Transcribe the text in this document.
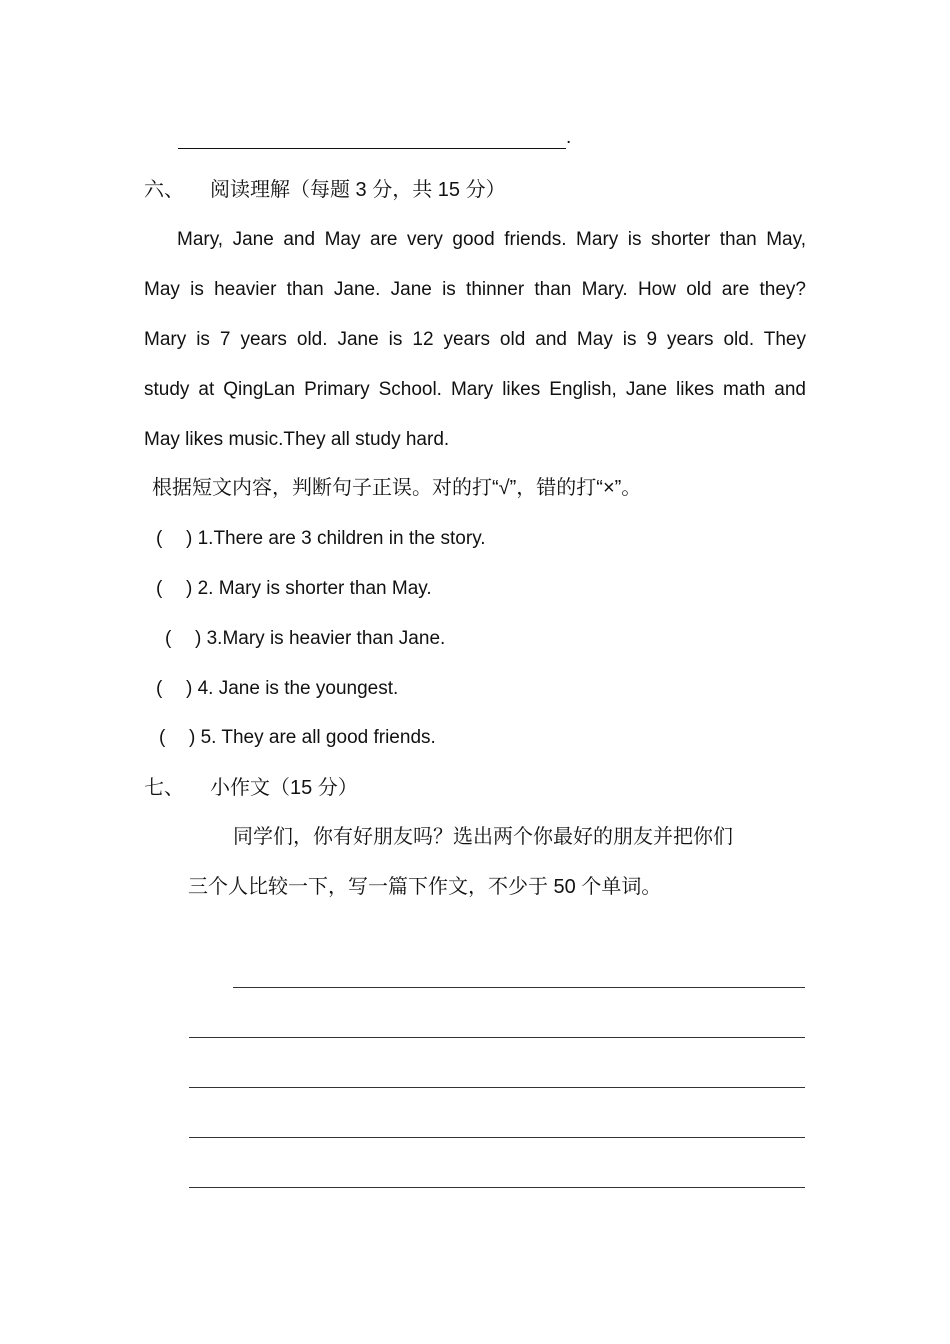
.
六、 阅读理解（每题 3 分，共 15 分）
Mary, Jane and May are very good friends. Mary is shorter than May,
May is heavier than Jane. Jane is thinner than Mary. How old are they?
Mary is 7 years old. Jane is 12 years old and May is 9 years old. They
study at QingLan Primary School. Mary likes English, Jane likes math and
May likes music.They all study hard.
根据短文内容，判断句子正误。对的打“√”，错的打“×”。
( ) 1.There are 3 children in the story.
( ) 2. Mary is shorter than May.
( ) 3.Mary is heavier than Jane.
( ) 4. Jane is the youngest.
( ) 5. They are all good friends.
七、 小作文（15 分）
同学们，你有好朋友吗？选出两个你最好的朋友并把你们
三个人比较一下，写一篇下作文，不少于 50 个单词。
